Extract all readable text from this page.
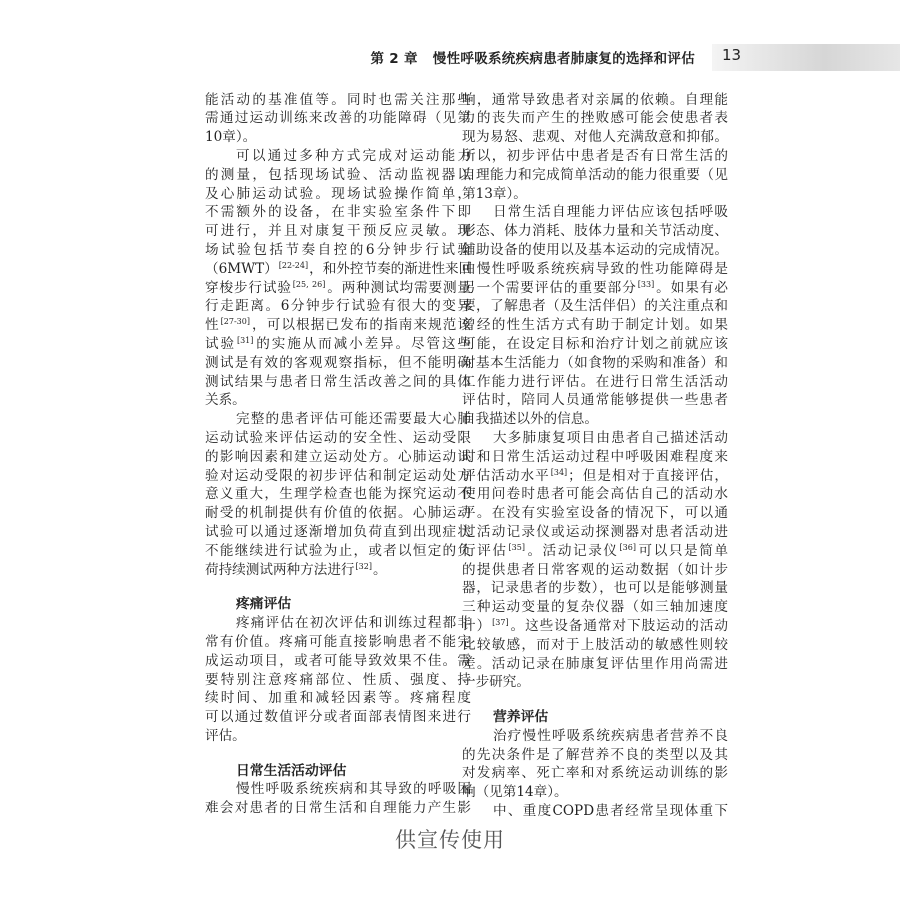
第 2 章 慢性呼吸系统疾病患者肺康复的选择和评估 13
能活动的基准值等。同时也需关注那些
需通过运动训练来改善的功能障碍（见第
10章）。
可以通过多种方式完成对运动能力
的测量，包括现场试验、活动监视器以
及心肺运动试验。现场试验操作简单，
不需额外的设备，在非实验室条件下即
可进行，并且对康复干预反应灵敏。现
场试验包括节奏自控的6分钟步行试验
（6MWT）[22-24]，和外控节奏的渐进性来回
穿梭步行试验[25, 26]。两种测试均需要测量
行走距离。6分钟步行试验有很大的变异
性[27-30]，可以根据已发布的指南来规范该
试验[31]的实施从而减小差异。尽管这些
测试是有效的客观观察指标，但不能明确
测试结果与患者日常生活改善之间的具体
关系。
完整的患者评估可能还需要最大心肺
运动试验来评估运动的安全性、运动受限
的影响因素和建立运动处方。心肺运动试
验对运动受限的初步评估和制定运动处方
意义重大，生理学检查也能为探究运动不
耐受的机制提供有价值的依据。心肺运动
试验可以通过逐渐增加负荷直到出现症状
不能继续进行试验为止，或者以恒定的负
荷持续测试两种方法进行[32]。
疼痛评估
疼痛评估在初次评估和训练过程都非
常有价值。疼痛可能直接影响患者不能完
成运动项目，或者可能导致效果不佳。需
要特别注意疼痛部位、性质、强度、持
续时间、加重和减轻因素等。疼痛程度
可以通过数值评分或者面部表情图来进行
评估。
日常生活活动评估
慢性呼吸系统疾病和其导致的呼吸困
难会对患者的日常生活和自理能力产生影
响，通常导致患者对亲属的依赖。自理能
力的丧失而产生的挫败感可能会使患者表
现为易怒、悲观、对他人充满敌意和抑郁。
所以，初步评估中患者是否有日常生活的
自理能力和完成简单活动的能力很重要（见
第13章）。
日常生活自理能力评估应该包括呼吸
形态、体力消耗、肢体力量和关节活动度、
辅助设备的使用以及基本运动的完成情况。
由慢性呼吸系统疾病导致的性功能障碍是
另一个需要评估的重要部分[33]。如果有必
要，了解患者（及生活伴侣）的关注重点和
曾经的性生活方式有助于制定计划。如果
可能，在设定目标和治疗计划之前就应该
对基本生活能力（如食物的采购和准备）和
工作能力进行评估。在进行日常生活活动
评估时，陪同人员通常能够提供一些患者
自我描述以外的信息。
大多肺康复项目由患者自己描述活动
时和日常生活运动过程中呼吸困难程度来
评估活动水平[34]；但是相对于直接评估，
使用问卷时患者可能会高估自己的活动水
平。在没有实验室设备的情况下，可以通
过活动记录仪或运动探测器对患者活动进
行评估[35]。活动记录仪[36]可以只是简单
的提供患者日常客观的运动数据（如计步
器，记录患者的步数），也可以是能够测量
三种运动变量的复杂仪器（如三轴加速度
计）[37]。这些设备通常对下肢运动的活动
比较敏感，而对于上肢活动的敏感性则较
差。活动记录在肺康复评估里作用尚需进
一步研究。
营养评估
治疗慢性呼吸系统疾病患者营养不良
的先决条件是了解营养不良的类型以及其
对发病率、死亡率和对系统运动训练的影
响（见第14章）。
中、重度COPD患者经常呈现体重下
供宣传使用
